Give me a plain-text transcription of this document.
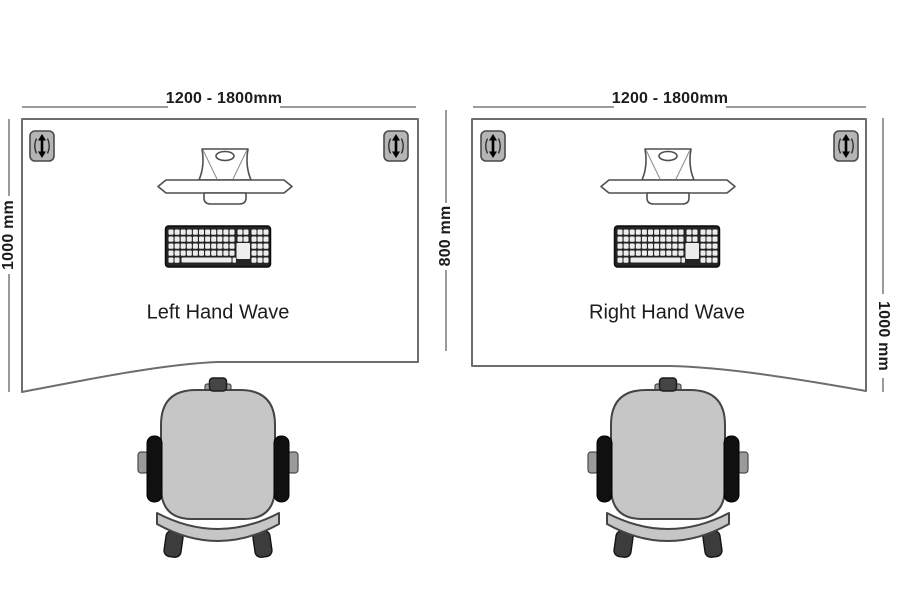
1200 - 1800mm	1200 - 1800mm
1000 mm	800 mm
1000 mm
Left Hand Wave	Right Hand Wave
